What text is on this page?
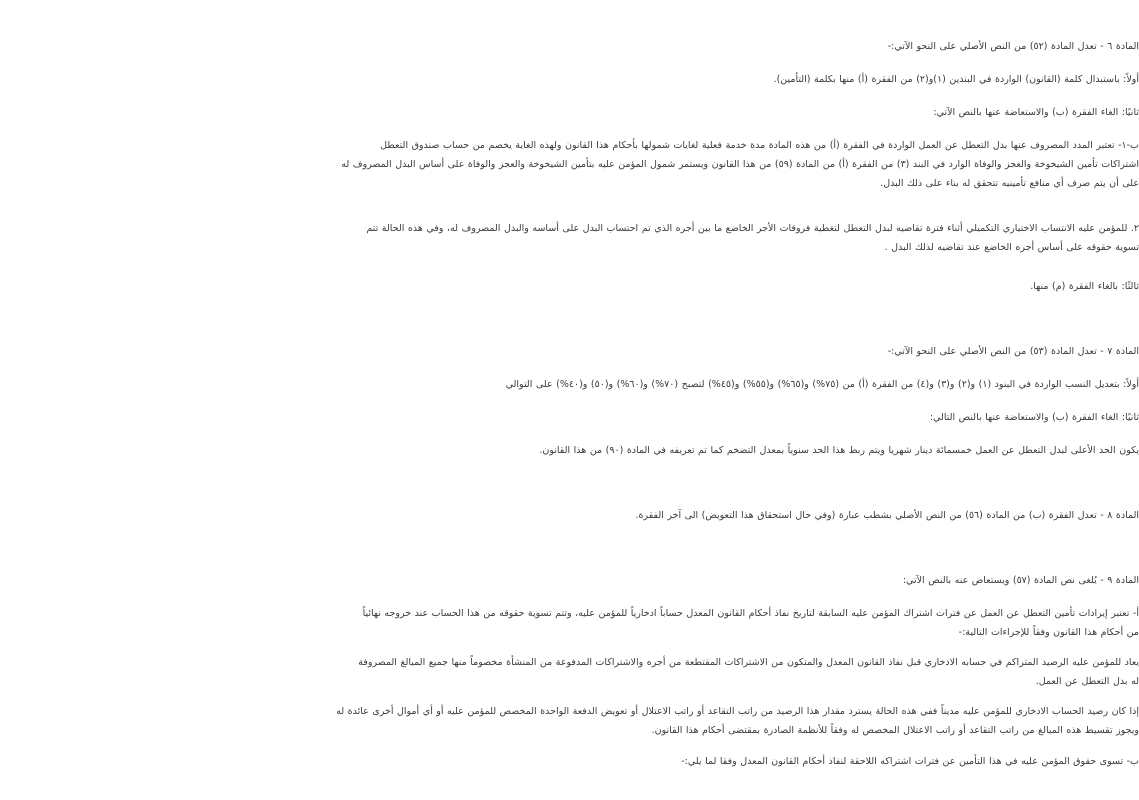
المادة ٦ - تعدل المادة (٥٢) من النص الأصلي على النحو الآتي:-

أولاً: باستبدال كلمة (القانون) الواردة في البندين (١)و(٢) من الفقرة (أ) منها بكلمة (التأمين).

ثانيًا: الغاء الفقرة (ب) والاستعاضة عنها بالنص الآتي:

ب-١- تعتبر المدد المصروف عنها بدل التعطل عن العمل الواردة في الفقرة (أ) من هذه المادة مدة خدمة فعلية لغايات شمولها بأحكام هذا القانون ولهذه الغاية يخصم من حساب صندوق التعطل
اشتراكات تأمين الشيخوخة والعجز والوفاة الوارد في البند (٣) من الفقرة (أ) من المادة (٥٩) من هذا القانون ويستمر شمول المؤمن عليه بتأمين الشيخوخة والعجز والوفاة على أساس البدل المصروف له
على أن يتم صرف أي منافع تأمينيه تتحقق له بناء على ذلك البدل.
٢. للمؤمن عليه الانتساب الاختياري التكميلي أثناء فترة تقاضيه لبدل التعطل لتغطية فروقات الأجر الخاضع ما بين أجره الذي تم احتساب البدل على أساسه والبدل المصروف له، وفي هذه الحالة تتم
تسوية حقوقه على أساس أجره الخاضع عند تقاضيه لذلك البدل .

ثالثًا: بالغاء الفقرة (م) منها.

المادة ٧ - تعدل المادة (٥٣) من النص الأصلي على النحو الآتي:-

أولاً: بتعديل النسب الواردة في البنود (١) و(٢) و(٣) و(٤) من الفقرة (أ) من (٧٥%) و(٦٥%) و(٥٥%) و(٤٥%) لتصبح (٧٠%) و(٦٠%) و(٥٠) و(٤٠%) على التوالي

ثانيًا: الغاء الفقرة (ب) والاستعاضة عنها بالنص التالي:

يكون الحد الأعلى لبدل التعطل عن العمل خمسمائة دينار شهريا ويتم ربط هذا الحد سنوياً بمعدل التضخم كما تم تعريفه في المادة (٩٠) من هذا القانون.

المادة ٨ - تعدل الفقرة (ب) من المادة (٥٦) من النص الأصلي بشطب عبارة (وفي حال استحقاق هذا التعويض) الى آخر الفقرة.

المادة ٩ - يُلغى نص المادة (٥٧) ويستعاض عنه بالنص الآتي:

أ- تعتبر إيرادات تأمين التعطل عن العمل عن فترات اشتراك المؤمن عليه السابقة لتاريخ نفاذ أحكام القانون المعدل حساباً ادخارياً للمؤمن عليه، وتتم تسوية حقوقه من هذا الحساب عند خروجه نهائياً
من أحكام هذا القانون وفقاً للإجراءات التالية:-
يعاد للمؤمن عليه الرصيد المتراكم في حسابه الادخاري قبل نفاذ القانون المعدل والمتكون من الاشتراكات المقتطعة من أجره والاشتراكات المدفوعة من المنشأة مخصوماً منها جميع المبالغ المصروفة
له بدل التعطل عن العمل.
إذا كان رصيد الحساب الادخاري للمؤمن عليه مديناً ففي هذه الحالة يسترد مقدار هذا الرصيد من راتب التقاعد أو راتب الاعتلال أو تعويض الدفعة الواحدة المخصص للمؤمن عليه أو أي أموال أخرى عائدة له
ويجوز تقسيط هذه المبالغ من راتب التقاعد أو راتب الاعتلال المخصص له وفقاً للأنظمة الصادرة بمقتضى أحكام هذا القانون.

ب- تسوى حقوق المؤمن عليه في هذا التأمين عن فترات اشتراكه اللاحقة لنفاذ أحكام القانون المعدل وفقا لما يلي:-
